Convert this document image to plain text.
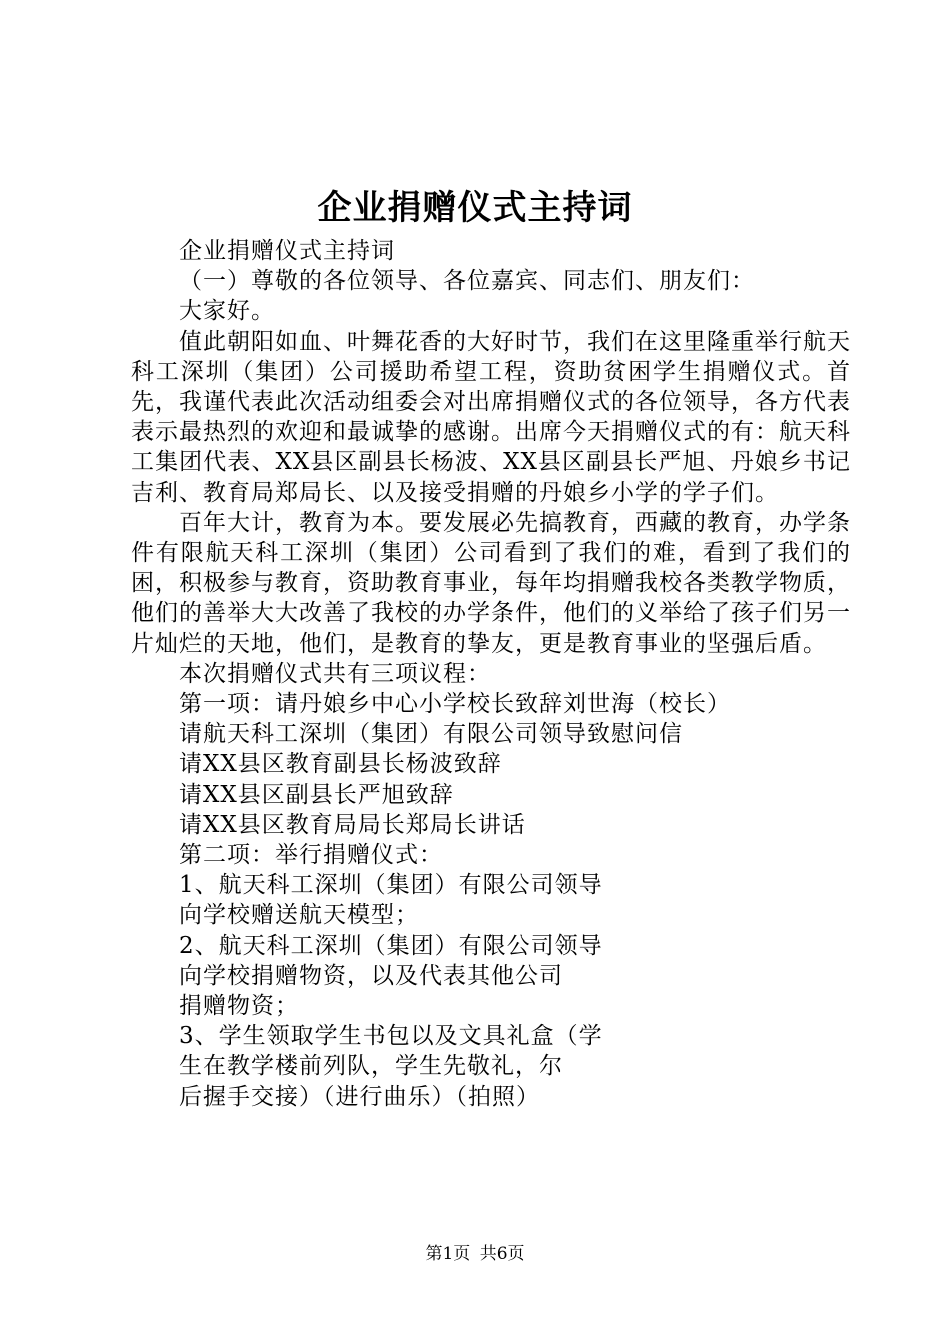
企业捐赠仪式主持词

企业捐赠仪式主持词

（一）尊敬的各位领导、各位嘉宾、同志们、朋友们：

大家好。

值此朝阳如血、叶舞花香的大好时节，我们在这里隆重举行航天科工深圳（集团）公司援助希望工程，资助贫困学生捐赠仪式。首先，我谨代表此次活动组委会对出席捐赠仪式的各位领导，各方代表表示最热烈的欢迎和最诚挚的感谢。出席今天捐赠仪式的有：航天科工集团代表、XX县区副县长杨波、XX县区副县长严旭、丹娘乡书记吉利、教育局郑局长、以及接受捐赠的丹娘乡小学的学子们。

百年大计，教育为本。要发展必先搞教育，西藏的教育，办学条件有限航天科工深圳（集团）公司看到了我们的难，看到了我们的困，积极参与教育，资助教育事业，每年均捐赠我校各类教学物质，他们的善举大大改善了我校的办学条件，他们的义举给了孩子们另一片灿烂的天地，他们，是教育的挚友，更是教育事业的坚强后盾。

本次捐赠仪式共有三项议程：

第一项：请丹娘乡中心小学校长致辞刘世海（校长）

请航天科工深圳（集团）有限公司领导致慰问信

请XX县区教育副县长杨波致辞

请XX县区副县长严旭致辞

请XX县区教育局局长郑局长讲话

第二项：举行捐赠仪式：

1、航天科工深圳（集团）有限公司领导

向学校赠送航天模型；

2、航天科工深圳（集团）有限公司领导

向学校捐赠物资，以及代表其他公司

捐赠物资；

3、学生领取学生书包以及文具礼盒（学

生在教学楼前列队，学生先敬礼，尔

后握手交接）（进行曲乐）（拍照）

第1页 共6页
